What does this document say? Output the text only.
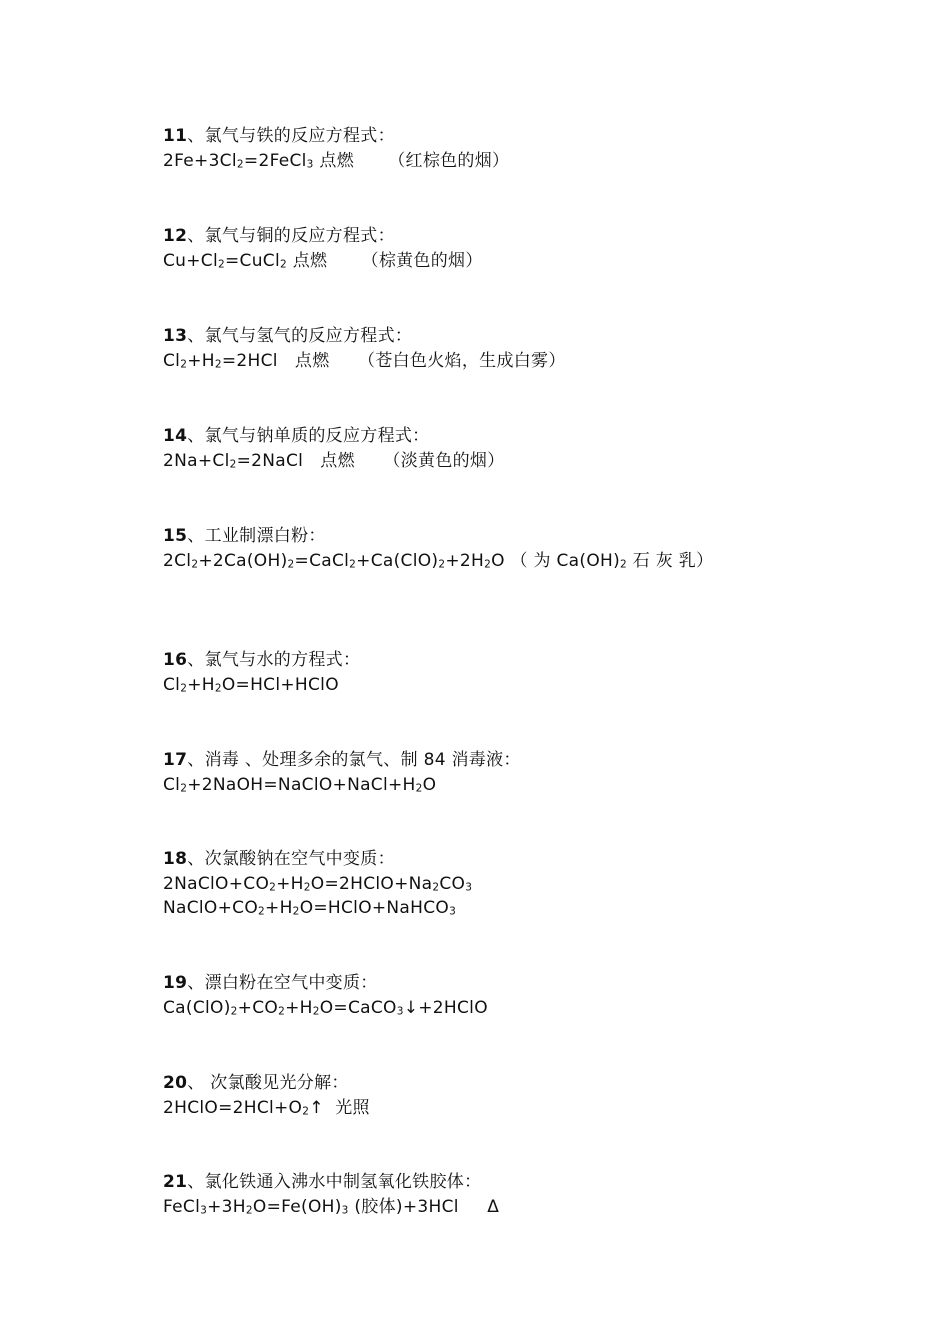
11、氯气与铁的反应方程式：
$2Fe+3Cl_2=2FeCl_3$ 点燃      （红棕色的烟）
12、氯气与铜的反应方程式：
$Cu+Cl_2=CuCl_2$ 点燃      （棕黄色的烟）
13、氯气与氢气的反应方程式：
$Cl_2+H_2=2HCl$   点燃     （苍白色火焰，生成白雾）
14、氯气与钠单质的反应方程式：
$2Na+Cl_2=2NaCl$   点燃     （淡黄色的烟）
15、工业制漂白粉：
$2Cl_2+2Ca(OH)_2=CaCl_2+Ca(ClO)_2+2H_2O$ （ 为 $Ca(OH)_2$ 石 灰 乳）
16、氯气与水的方程式：
$Cl_2+H_2O=HCl+HClO$
17、消毒 、处理多余的氯气、制 84 消毒液：
$Cl_2+2NaOH=NaClO+NaCl+H_2O$
18、次氯酸钠在空气中变质：
$2NaClO+CO_2+H_2O=2HClO+Na_2CO_3$
$NaClO+CO_2+H_2O=HClO+NaHCO_3$
19、漂白粉在空气中变质：
$Ca(ClO)_2+CO_2+H_2O=CaCO_3↓+2HClO$
20、 次氯酸见光分解：
$2HClO=2HCl+O_2↑$  光照
21、氯化铁通入沸水中制氢氧化铁胶体：
$FeCl_3+3H_2O=Fe(OH)_3$ (胶体)+3HCl     Δ
